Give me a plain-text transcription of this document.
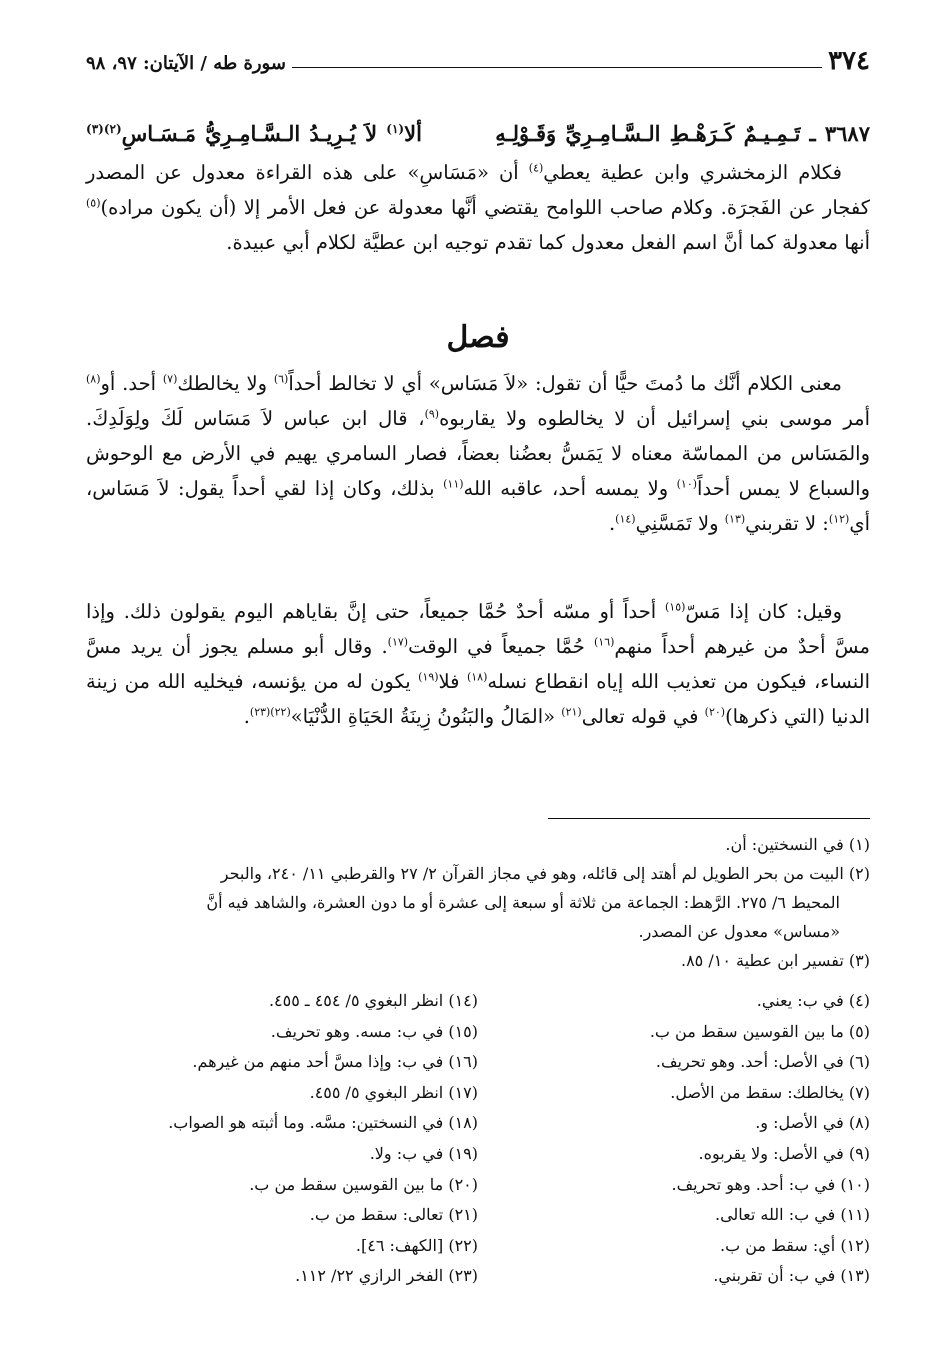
٣٧٤
سورة طه / الآيتان: ٩٧، ٩٨
٣٦٨٧ ـ تَـمِـيـمٌ كَـرَهْـطِ الـسَّـامِـرِيِّ وَقَـوْلِـهِ        ألا$^{(١)}$ لاَ يُـرِيـدُ الـسَّـامِـرِيُّ مَـسَـاسِ$^{(٢)(٣)}$

فكلام الزمخشري وابن عطية يعطي$^{(٤)}$ أن «مَسَاسِ» على هذه القراءة معدول عن المصدر كفجار عن الفَجرَة. وكلام صاحب اللوامح يقتضي أنَّها معدولة عن فعل الأمر إلا (أن يكون مراده)$^{(٥)}$ أنها معدولة كما أنَّ اسم الفعل معدول كما تقدم توجيه ابن عطيَّة لكلام أبي عبيدة.

فصل

معنى الكلام أنَّك ما دُمتَ حيًّا أن تقول: «لاَ مَسَاس» أي لا تخالط أحداً$^{(٦)}$ ولا يخالطك$^{(٧)}$ أحد. أو$^{(٨)}$ أمر موسى بني إسرائيل أن لا يخالطوه ولا يقاربوه$^{(٩)}$، قال ابن عباس لاَ مَسَاس لَكَ ولِوَلَدِكَ. والمَسَاس من المماسّة معناه لا يَمَسُّ بعضُنا بعضاً، فصار السامري يهيم في الأرض مع الوحوش والسباع لا يمس أحداً$^{(١٠)}$ ولا يمسه أحد، عاقبه الله$^{(١١)}$ بذلك، وكان إذا لقي أحداً يقول: لاَ مَسَاس، أي$^{(١٢)}$: لا تقربني$^{(١٣)}$ ولا تَمَسَّنِي$^{(١٤)}$.

وقيل: كان إذا مَسّ$^{(١٥)}$ أحداً أو مسّه أحدٌ حُمَّا جميعاً، حتى إنَّ بقاياهم اليوم يقولون ذلك. وإذا مسَّ أحدٌ من غيرهم أحداً منهم$^{(١٦)}$ حُمَّا جميعاً في الوقت$^{(١٧)}$. وقال أبو مسلم يجوز أن يريد مسَّ النساء، فيكون من تعذيب الله إياه انقطاع نسله$^{(١٨)}$ فلا$^{(١٩)}$ يكون له من يؤنسه، فيخليه الله من زينة الدنيا (التي ذكرها)$^{(٢٠)}$ في قوله تعالى$^{(٢١)}$ «المَالُ والبَنُونُ زِينَةُ الحَيَاةِ الدُّنْيَا»$^{(٢٢)(٢٣)}$.

(١) في النسختين: أن.

(٢) البيت من بحر الطويل لم أهتد إلى قائله، وهو في مجاز القرآن ٢/ ٢٧ والقرطبي ١١/ ٢٤٠، والبحر

المحيط ٦/ ٢٧٥. الرَّهط: الجماعة من ثلاثة أو سبعة إلى عشرة أو ما دون العشرة، والشاهد فيه أنَّ

«مساس» معدول عن المصدر.

(٣) تفسير ابن عطية ١٠/ ٨٥.

(٤) في ب: يعني.

(٥) ما بين القوسين سقط من ب.

(٦) في الأصل: أحد. وهو تحريف.

(٧) يخالطك: سقط من الأصل.

(٨) في الأصل: و.

(٩) في الأصل: ولا يقربوه.

(١٠) في ب: أحد. وهو تحريف.

(١١) في ب: الله تعالى.

(١٢) أي: سقط من ب.

(١٣) في ب: أن تقربني.

(١٤) انظر البغوي ٥/ ٤٥٤ ـ ٤٥٥.

(١٥) في ب: مسه. وهو تحريف.

(١٦) في ب: وإذا مسَّ أحد منهم من غيرهم.

(١٧) انظر البغوي ٥/ ٤٥٥.

(١٨) في النسختين: مسَّه. وما أثبته هو الصواب.

(١٩) في ب: ولا.

(٢٠) ما بين القوسين سقط من ب.

(٢١) تعالى: سقط من ب.

(٢٢) [الكهف: ٤٦].

(٢٣) الفخر الرازي ٢٢/ ١١٢.
